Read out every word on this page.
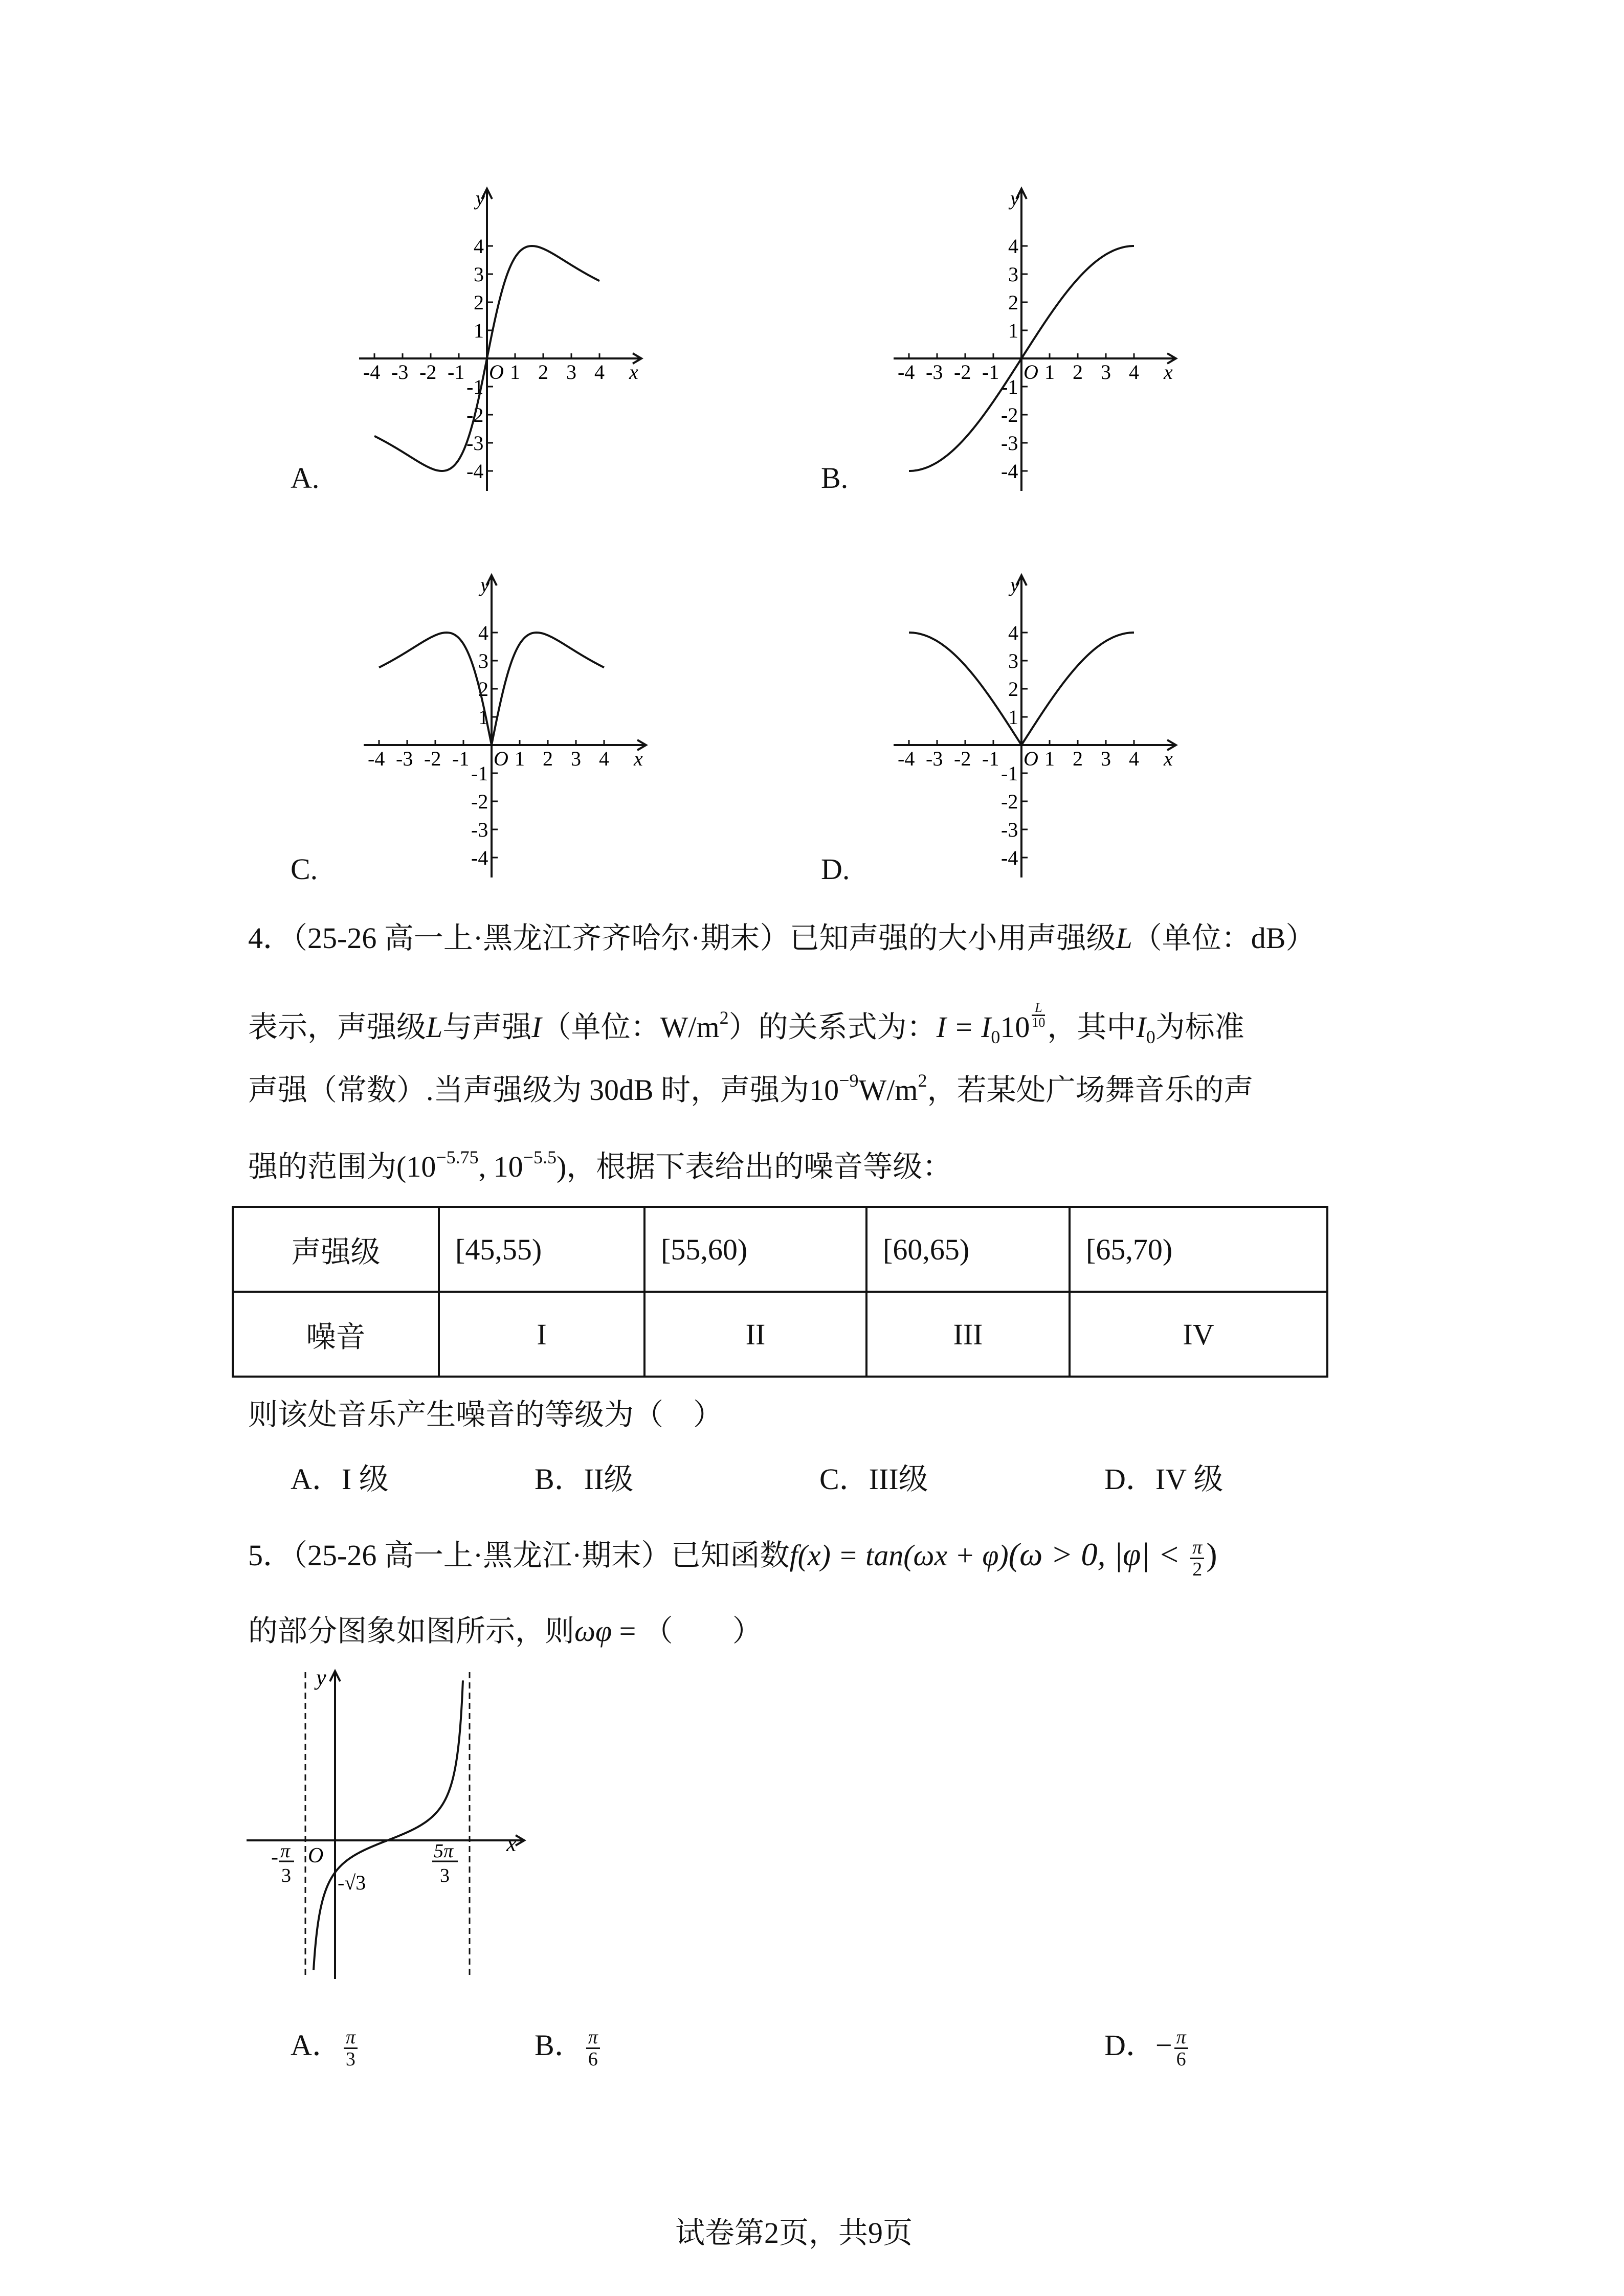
x
y
-4 -3 -2 -1 O 1 2 3 4
4
3
2
1
-1
-2
-3
-4
x
y
-4 -3 -2 -1 O 1 2 3 4
4
3
2
1
-1
-2
-3
-4
x
y
-4 -3 -2 -1 O 1 2 3 4
4
3
2
1
-1
-2
-3
-4
x
y
-4 -3 -2 -1 O 1 2 3 4
4
3
2
1
-1
-2
-3
-4
A.	B.
C.	D.
4．（25-26 高一上·黑龙江齐齐哈尔·期末）已知声强的大小用声强级L（单位：dB）
表示，声强级L与声强I（单位：$W/m^2$）的关系式为：$I = I_010 \frac{L}{10}$ ，其中$I_0$为标准
声强（常数）.当声强级为 30dB 时，声强为$10^{-9}W/m^2$，若某处广场舞音乐的声
强的范围为($10^{-5.75}$, $10^{-5.5}$)，根据下表给出的噪音等级：
声强级	[45,55)	[55,60)	[60,65)	[65,70)
噪音	I	II	III	IV
则该处音乐产生噪音的等级为（　）
A．I 级	B．II级	C．III级	D．IV 级
5．（25-26 高一上·黑龙江·期末）已知函数f(x) = tan(ωx + φ)(ω > 0, $|\varphi| < \frac{\pi}{2}$ )
的部分图象如图所示，则ωφ = （　　）
y
x
O
- π
3 -√3
5π
3
A． $\frac{\pi}{3}$	B． $\frac{\pi}{6}$	D．− $\frac{\pi}{6}$
试卷第2页，共9页
